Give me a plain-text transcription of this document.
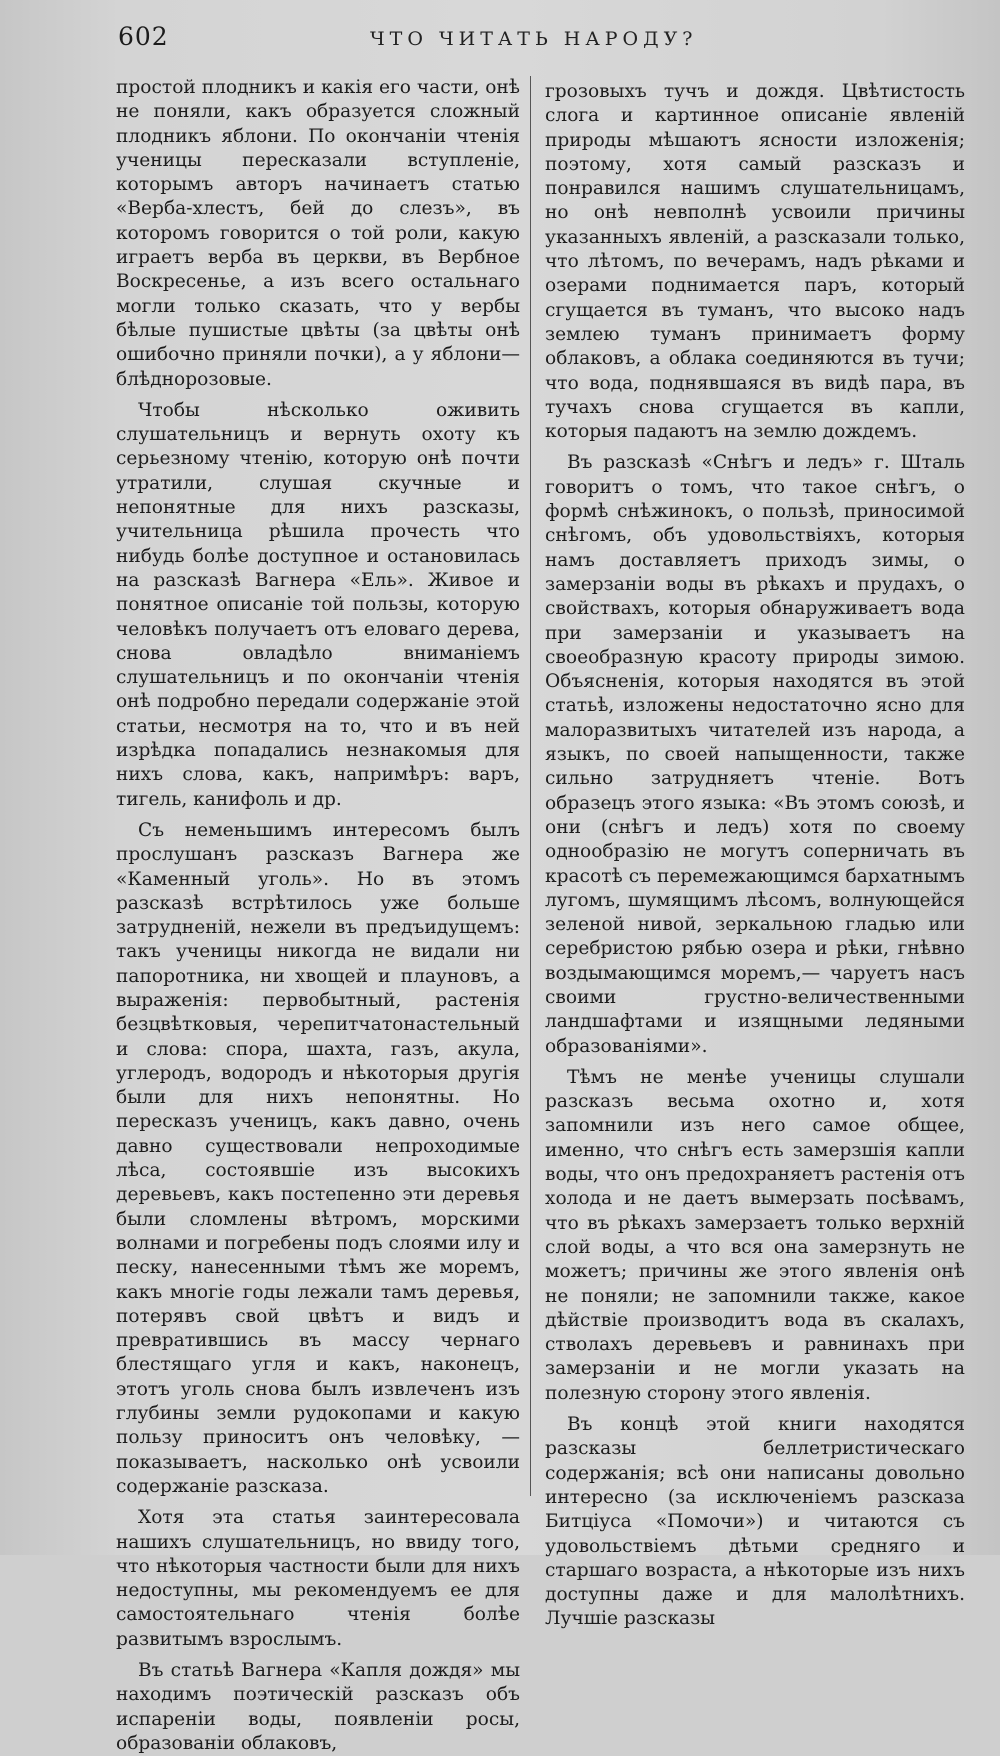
602	ЧТО ЧИТАТЬ НАРОДУ?

простой плодникъ и какія его части, онѣ не поняли, какъ образуется сложный плодникъ яблони. По окончаніи чтенія ученицы пересказали вступленіе, которымъ авторъ начинаетъ статью «Верба-хлестъ, бей до слезъ», въ которомъ говорится о той роли, какую играетъ верба въ церкви, въ Вербное Воскресенье, а изъ всего остальнаго могли только сказать, что у вербы бѣлые пушистые цвѣты (за цвѣты онѣ ошибочно приняли почки), а у яблони—блѣднорозовые.

Чтобы нѣсколько оживить слушательницъ и вернуть охоту къ серьезному чтенію, которую онѣ почти утратили, слушая скучные и непонятные для нихъ разсказы, учительница рѣшила прочесть что нибудь болѣе доступное и остановилась на разсказѣ Вагнера «Ель». Живое и понятное описаніе той пользы, которую человѣкъ получаетъ отъ еловаго дерева, снова овладѣло вниманіемъ слушательницъ и по окончаніи чтенія онѣ подробно передали содержаніе этой статьи, несмотря на то, что и въ ней изрѣдка попадались незнакомыя для нихъ слова, какъ, напримѣръ: варъ, тигель, канифоль и др.

Съ неменьшимъ интересомъ былъ прослушанъ разсказъ Вагнера же «Каменный уголь». Но въ этомъ разсказѣ встрѣтилось уже больше затрудненій, нежели въ предъидущемъ: такъ ученицы никогда не видали ни папоротника, ни хвощей и плауновъ, а выраженія: первобытный, растенія безцвѣтковыя, черепитчатонастельный и слова: спора, шахта, газъ, акула, углеродъ, водородъ и нѣкоторыя другія были для нихъ непонятны. Но пересказъ ученицъ, какъ давно, очень давно существовали непроходимые лѣса, состоявшіе изъ высокихъ деревьевъ, какъ постепенно эти деревья были сломлены вѣтромъ, морскими волнами и погребены подъ слоями илу и песку, нанесенными тѣмъ же моремъ, какъ многіе годы лежали тамъ деревья, потерявъ свой цвѣтъ и видъ и превратившись въ массу чернаго блестящаго угля и какъ, наконецъ, этотъ уголь снова былъ извлеченъ изъ глубины земли рудокопами и какую пользу приноситъ онъ человѣку, — показываетъ, насколько онѣ усвоили содержаніе разсказа.

Хотя эта статья заинтересовала нашихъ слушательницъ, но ввиду того, что нѣкоторыя частности были для нихъ недоступны, мы рекомендуемъ ее для самостоятельнаго чтенія болѣе развитымъ взрослымъ.

Въ статьѣ Вагнера «Капля дождя» мы находимъ поэтическій разсказъ объ испареніи воды, появленіи росы, образованіи облаковъ,

грозовыхъ тучъ и дождя. Цвѣтистость слога и картинное описаніе явленій природы мѣшаютъ ясности изложенія; поэтому, хотя самый разсказъ и понравился нашимъ слушательницамъ, но онѣ невполнѣ усвоили причины указанныхъ явленій, а разсказали только, что лѣтомъ, по вечерамъ, надъ рѣками и озерами поднимается паръ, который сгущается въ туманъ, что высоко надъ землею туманъ принимаетъ форму облаковъ, а облака соединяются въ тучи; что вода, поднявшаяся въ видѣ пара, въ тучахъ снова сгущается въ капли, которыя падаютъ на землю дождемъ.

Въ разсказѣ «Снѣгъ и ледъ» г. Шталь говоритъ о томъ, что такое снѣгъ, о формѣ снѣжинокъ, о пользѣ, приносимой снѣгомъ, объ удовольствіяхъ, которыя намъ доставляетъ приходъ зимы, о замерзаніи воды въ рѣкахъ и прудахъ, о свойствахъ, которыя обнаруживаетъ вода при замерзаніи и указываетъ на своеобразную красоту природы зимою. Объясненія, которыя находятся въ этой статьѣ, изложены недостаточно ясно для малоразвитыхъ читателей изъ народа, а языкъ, по своей напыщенности, также сильно затрудняетъ чтеніе. Вотъ образецъ этого языка: «Въ этомъ союзѣ, и они (снѣгъ и ледъ) хотя по своему однообразію не могутъ соперничать въ красотѣ съ перемежающимся бархатнымъ лугомъ, шумящимъ лѣсомъ, волнующейся зеленой нивой, зеркальною гладью или серебристою рябью озера и рѣки, гнѣвно воздымающимся моремъ,— чаруетъ насъ своими грустно-величественными ландшафтами и изящными ледяными образованіями».

Тѣмъ не менѣе ученицы слушали разсказъ весьма охотно и, хотя запомнили изъ него самое общее, именно, что снѣгъ есть замерзшія капли воды, что онъ предохраняетъ растенія отъ холода и не даетъ вымерзать посѣвамъ, что въ рѣкахъ замерзаетъ только верхній слой воды, а что вся она замерзнуть не можетъ; причины же этого явленія онѣ не поняли; не запомнили также, какое дѣйствіе производитъ вода въ скалахъ, стволахъ деревьевъ и равнинахъ при замерзаніи и не могли указать на полезную сторону этого явленія.

Въ концѣ этой книги находятся разсказы беллетристическаго содержанія; всѣ они написаны довольно интересно (за исключеніемъ разсказа Битціуса «Помочи») и читаются съ удовольствіемъ дѣтьми средняго и старшаго возраста, а нѣкоторые изъ нихъ доступны даже и для малолѣтнихъ. Лучшіе разсказы
